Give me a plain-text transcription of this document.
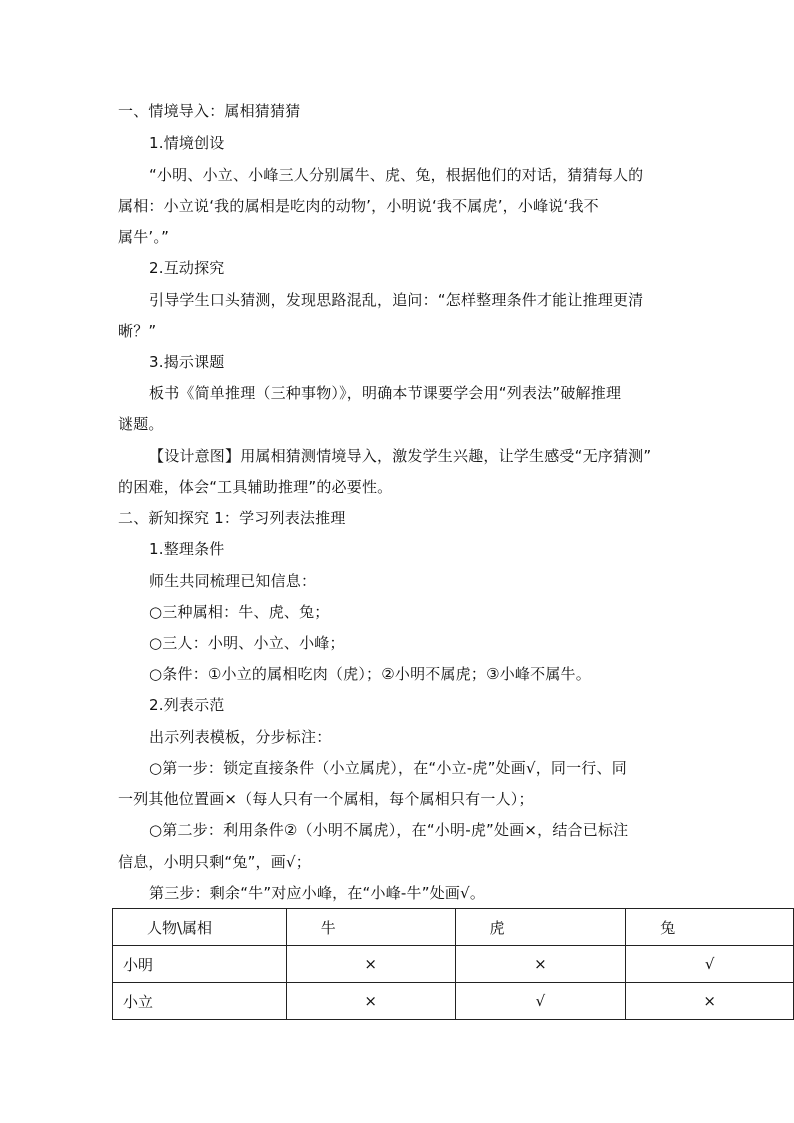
一、情境导入：属相猜猜猜
1.情境创设
“小明、小立、小峰三人分别属牛、虎、兔，根据他们的对话，猜猜每人的
属相：小立说‘我的属相是吃肉的动物’，小明说‘我不属虎’，小峰说‘我不
属牛’。”
2.互动探究
引导学生口头猜测，发现思路混乱，追问：“怎样整理条件才能让推理更清
晰？”
3.揭示课题
板书《简单推理（三种事物）》，明确本节课要学会用“列表法”破解推理
谜题。
【设计意图】用属相猜测情境导入，激发学生兴趣，让学生感受“无序猜测”
的困难，体会“工具辅助推理”的必要性。
二、新知探究 1：学习列表法推理
1.整理条件
师生共同梳理已知信息：
○三种属相：牛、虎、兔；
○三人：小明、小立、小峰；
○条件：①小立的属相吃肉（虎）；②小明不属虎；③小峰不属牛。
2.列表示范
出示列表模板，分步标注：
○第一步：锁定直接条件（小立属虎），在“小立-虎”处画√，同一行、同
一列其他位置画×（每人只有一个属相，每个属相只有一人）；
○第二步：利用条件②（小明不属虎），在“小明-虎”处画×，结合已标注
信息，小明只剩“兔”，画√；
第三步：剩余“牛”对应小峰，在“小峰-牛”处画√。
人物\属相	牛	虎	兔
小明	×	×	√
小立	×	√	×
